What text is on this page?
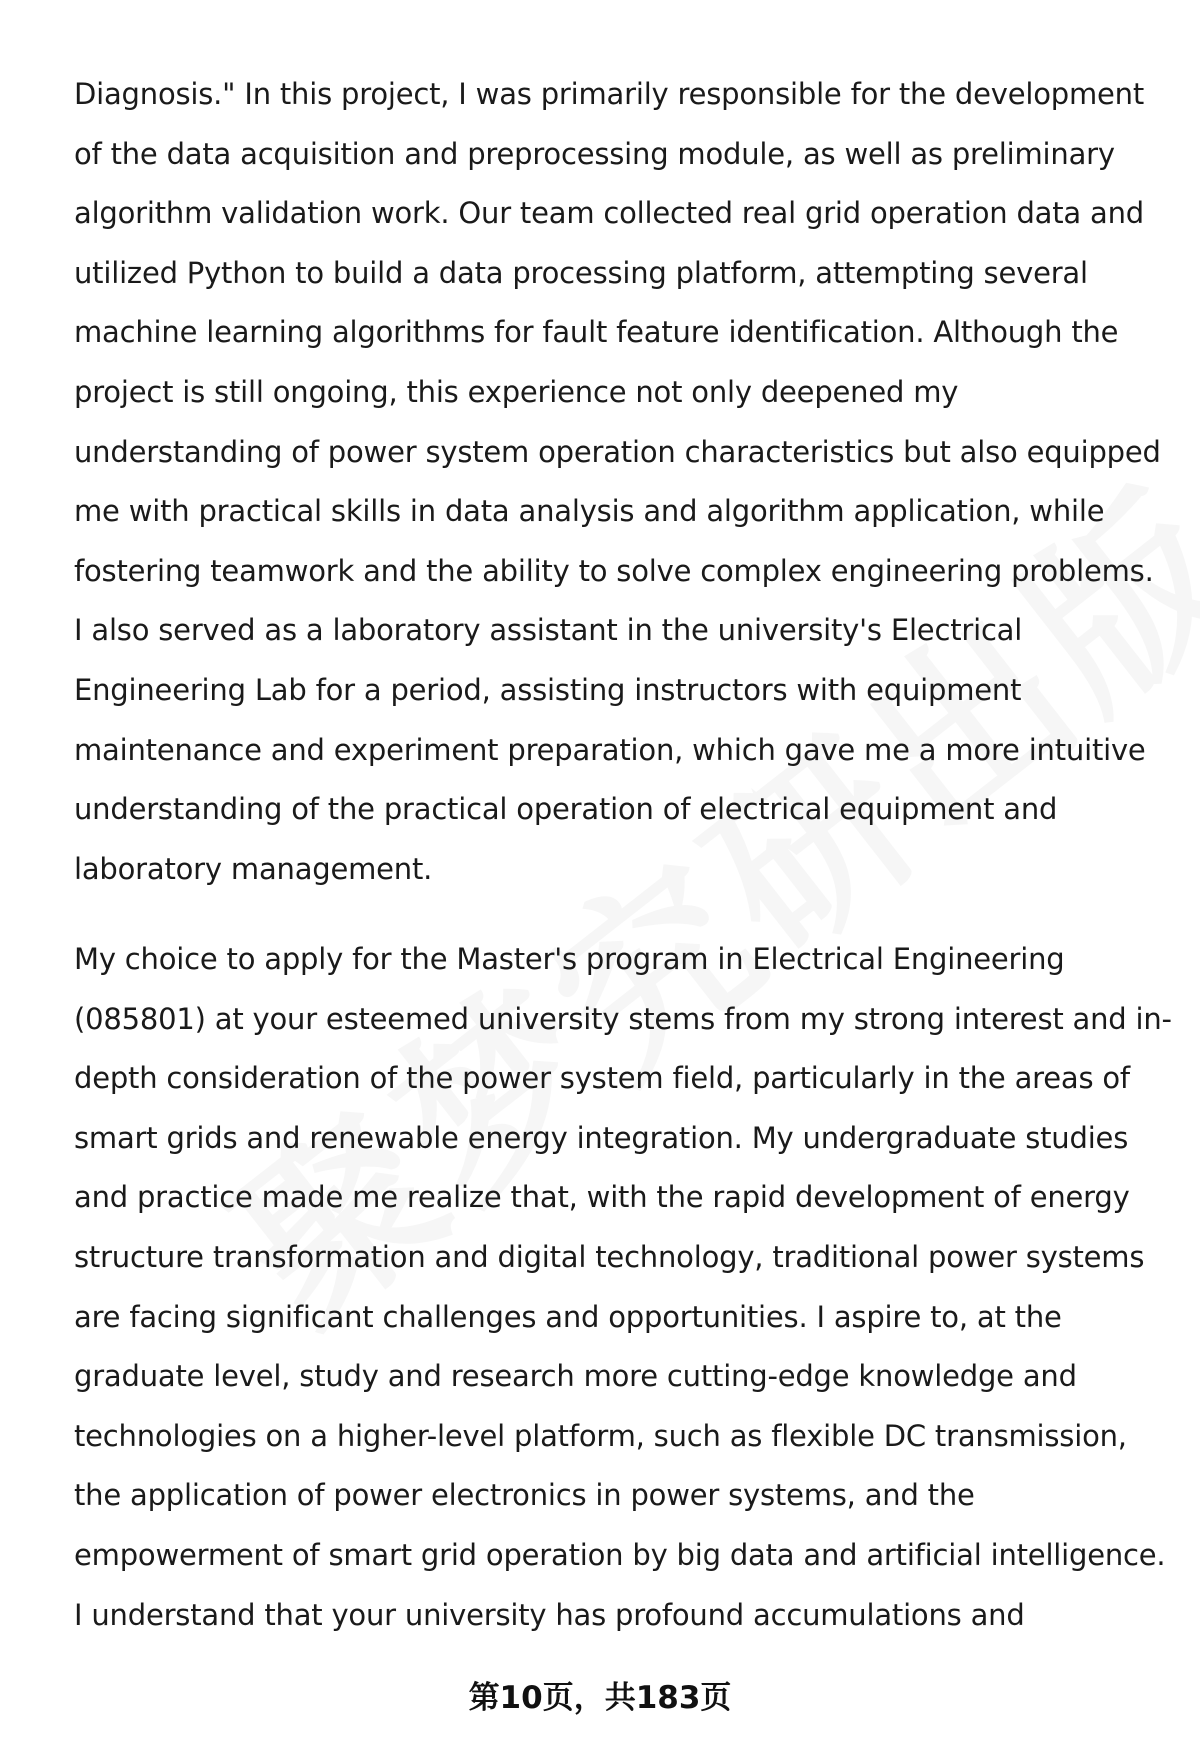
Diagnosis." In this project, I was primarily responsible for the development
of the data acquisition and preprocessing module, as well as preliminary
algorithm validation work. Our team collected real grid operation data and
utilized Python to build a data processing platform, attempting several
machine learning algorithms for fault feature identification. Although the
project is still ongoing, this experience not only deepened my
understanding of power system operation characteristics but also equipped
me with practical skills in data analysis and algorithm application, while
fostering teamwork and the ability to solve complex engineering problems.
I also served as a laboratory assistant in the university's Electrical
Engineering Lab for a period, assisting instructors with equipment
maintenance and experiment preparation, which gave me a more intuitive
understanding of the practical operation of electrical equipment and
laboratory management.
My choice to apply for the Master's program in Electrical Engineering
(085801) at your esteemed university stems from my strong interest and in-
depth consideration of the power system field, particularly in the areas of
smart grids and renewable energy integration. My undergraduate studies
and practice made me realize that, with the rapid development of energy
structure transformation and digital technology, traditional power systems
are facing significant challenges and opportunities. I aspire to, at the
graduate level, study and research more cutting-edge knowledge and
technologies on a higher-level platform, such as flexible DC transmission,
the application of power electronics in power systems, and the
empowerment of smart grid operation by big data and artificial intelligence.
I understand that your university has profound accumulations and
第10页，共183页
